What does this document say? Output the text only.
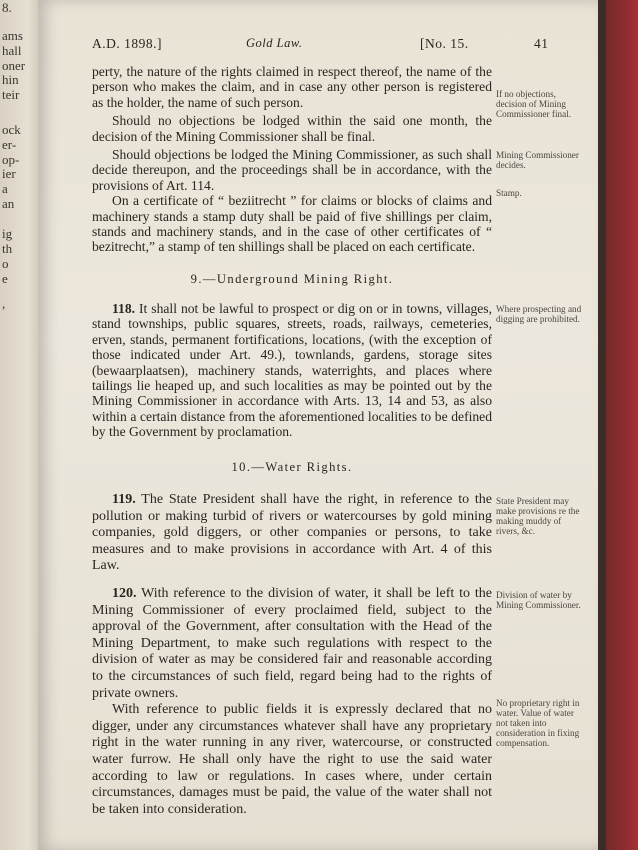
8.
ams
hall
oner
hin
teir
ock
er-
op-
ier
a
an
ig
th
o
e
,
A.D. 1898.]	Gold Law.	[No. 15.	41

perty, the nature of the rights claimed in respect thereof, the name of the person who makes the claim, and in case any other person is registered as the holder, the name of such person.

Should no objections be lodged within the said one month, the decision of the Mining Commissioner shall be final.

Should objections be lodged the Mining Commissioner, as such shall decide thereupon, and the proceedings shall be in accordance, with the provisions of Art. 114.

On a certificate of “ beziitrecht ” for claims or blocks of claims and machinery stands a stamp duty shall be paid of five shillings per claim, stands and machinery stands, and in the case of other certificates of “ bezitrecht,” a stamp of ten shillings shall be placed on each certificate.

If no objections, decision of Mining Commissioner final.
Mining Commissioner decides.
Stamp.
9.—Underground Mining Right.

118. It shall not be lawful to prospect or dig on or in towns, villages, stand townships, public squares, streets, roads, railways, cemeteries, erven, stands, permanent fortifications, locations, (with the exception of those indicated under Art. 49.), townlands, gardens, storage sites (bewaarplaatsen), machinery stands, waterrights, and places where tailings lie heaped up, and such localities as may be pointed out by the Mining Commissioner in accordance with Arts. 13, 14 and 53, as also within a certain distance from the aforementioned localities to be defined by the Government by proclamation.

Where prospecting and digging are prohibited.
10.—Water Rights.

119. The State President shall have the right, in reference to the pollution or making turbid of rivers or watercourses by gold mining companies, gold diggers, or other companies or persons, to take measures and to make provisions in accordance with Art. 4 of this Law.

State President may make provisions re the making muddy of rivers, &c.

120. With reference to the division of water, it shall be left to the Mining Commissioner of every proclaimed field, subject to the approval of the Government, after consultation with the Head of the Mining Department, to make such regulations with respect to the division of water as may be considered fair and reasonable according to the circumstances of such field, regard being had to the rights of private owners.

With reference to public fields it is expressly declared that no digger, under any circumstances whatever shall have any proprietary right in the water running in any river, watercourse, or constructed water furrow. He shall only have the right to use the said water according to law or regulations. In cases where, under certain circumstances, damages must be paid, the value of the water shall not be taken into consideration.

Division of water by Mining Commissioner.
No proprietary right in water. Value of water not taken into consideration in fixing compensation.
